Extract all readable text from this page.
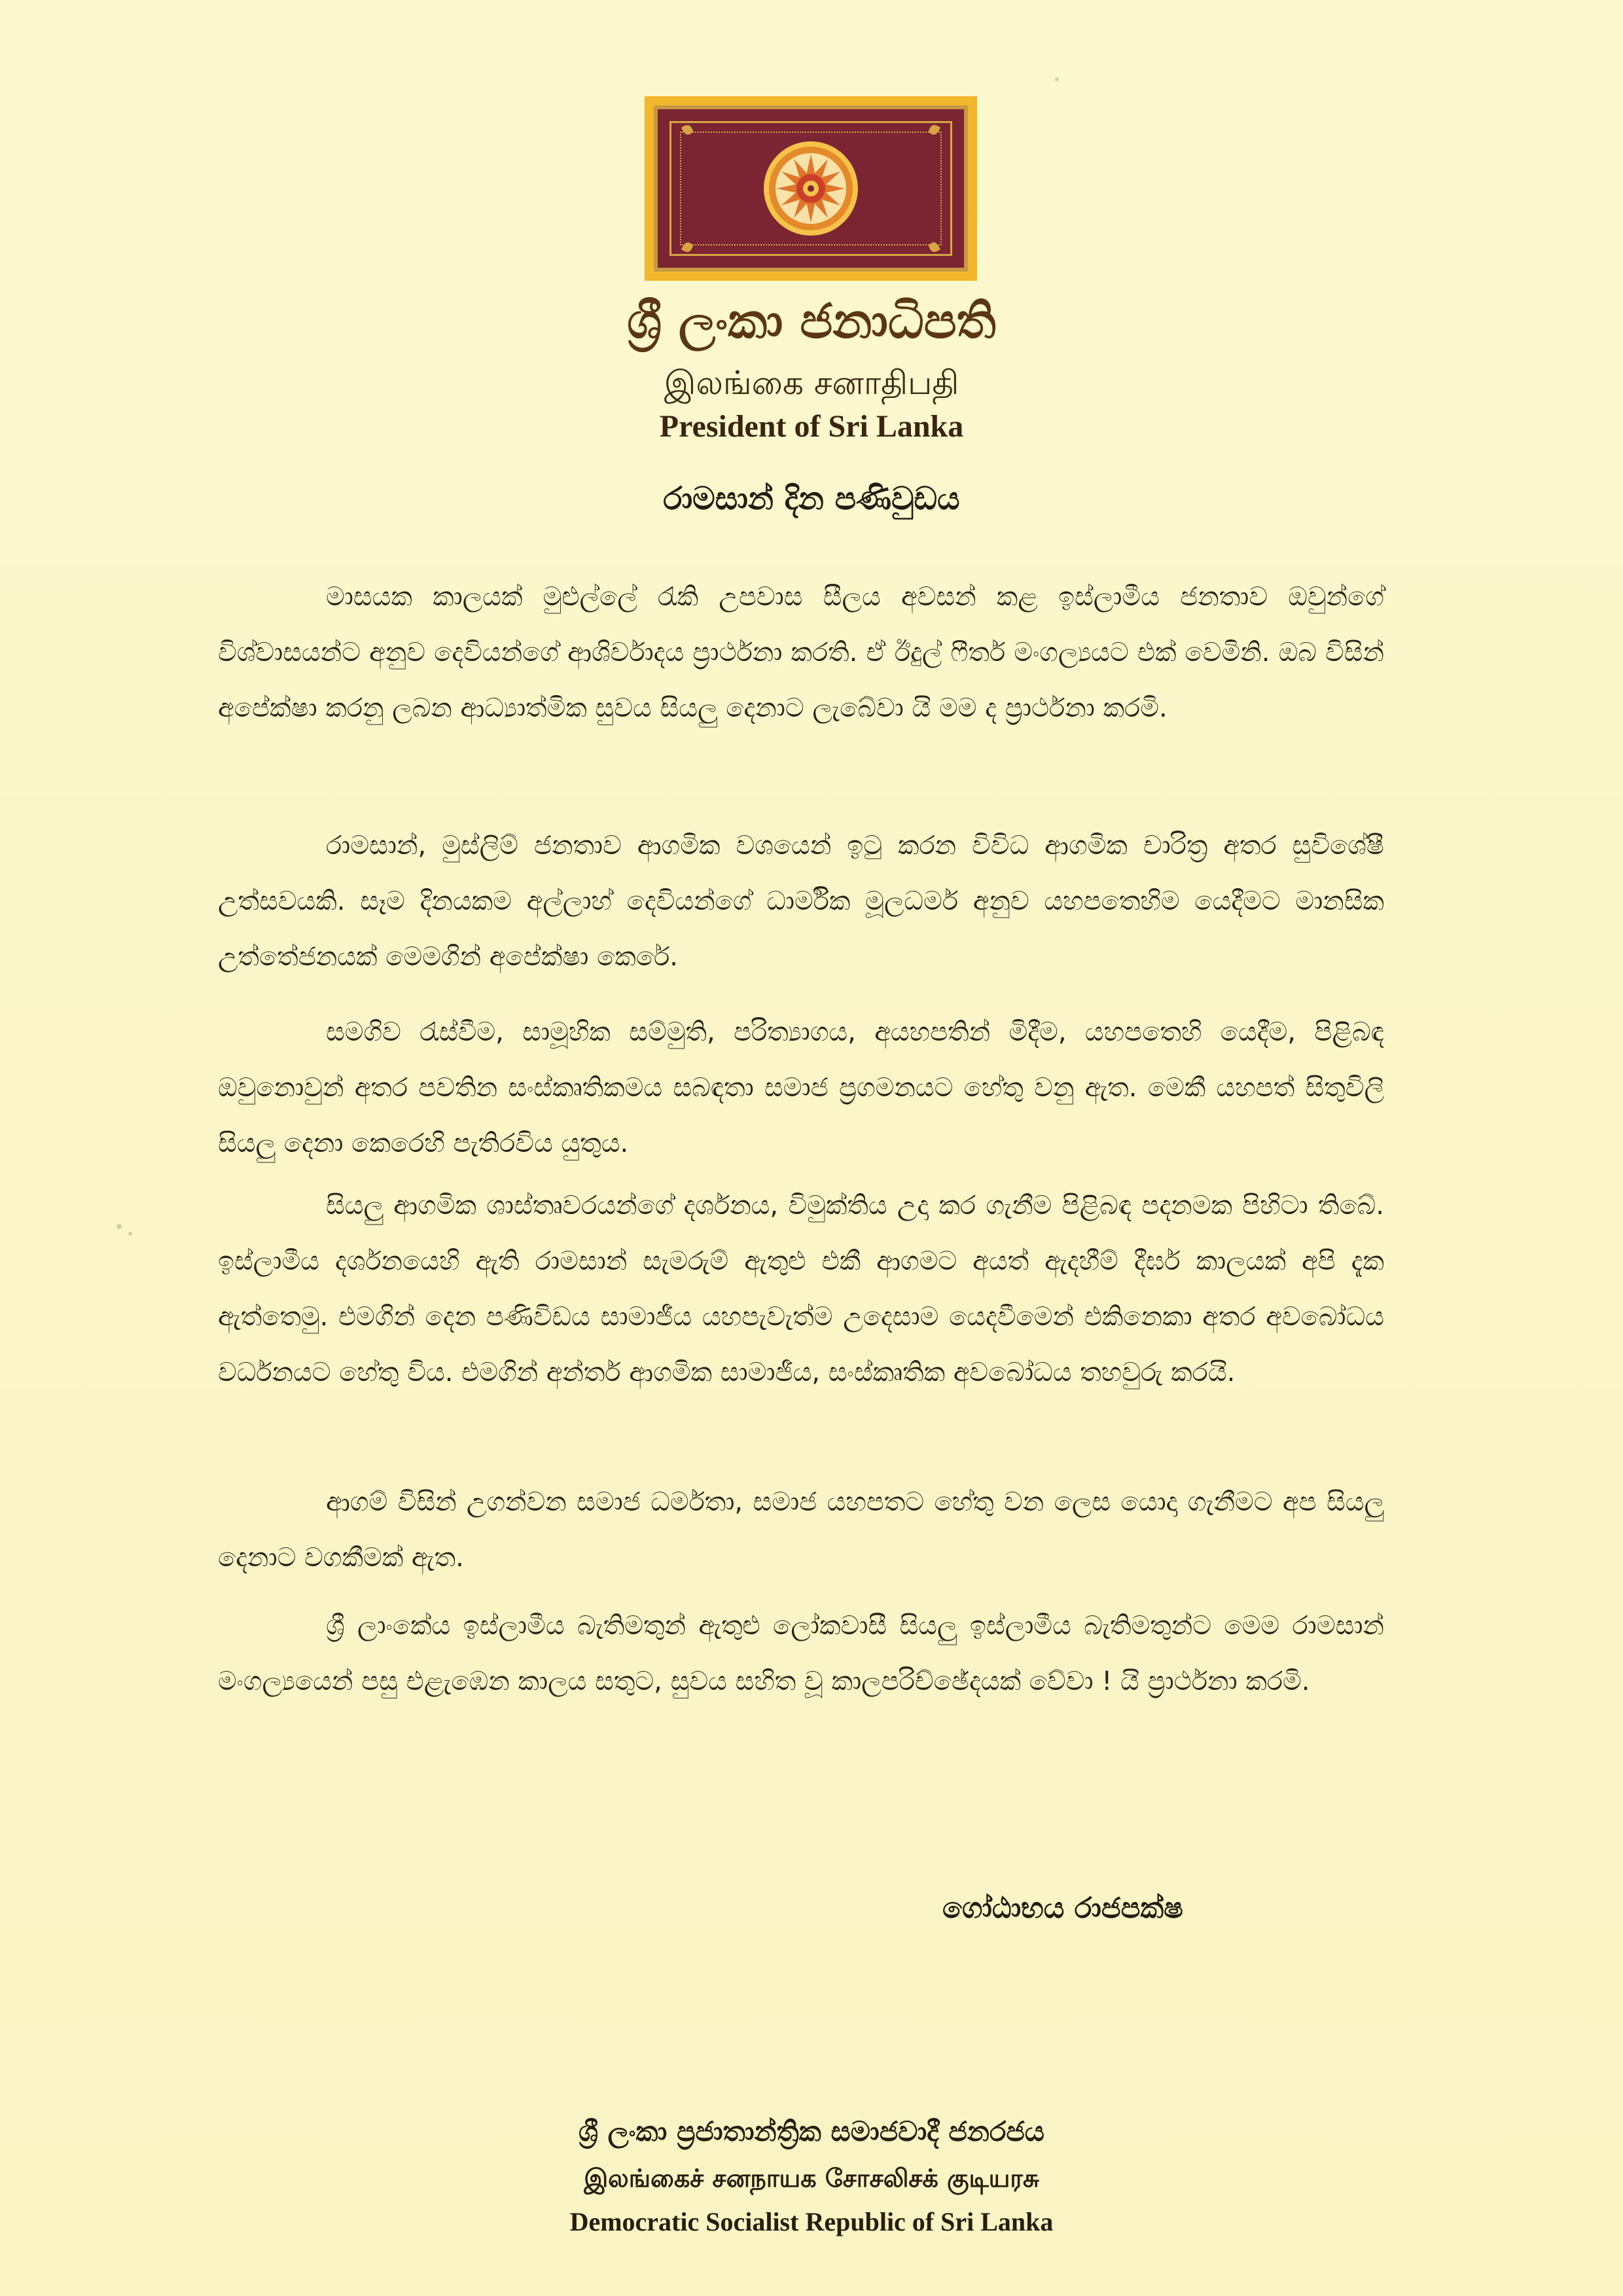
ශ්‍රී ලංකා ජනාධිපති
இலங்கை சனாதிபதி
President of Sri Lanka
රාමසාන් දින පණිවුඩය

මාසයක කාලයක් මුළුල්ලේ රැකි උපවාස සීලය අවසන් කළ ඉස්ලාමීය ජනතාව ඔවුන්ගේ විශ්වාසයන්ට අනුව දෙවියන්ගේ ආශිර්වාදය ප්‍රාර්ථනා කරති. ඒ ඊදුල් ෆීතර් මංගල්‍යයට එක් වෙමිනි. ඔබ විසින් අපේක්ෂා කරනු ලබන ආධ්‍යාත්මික සුවය සියලු දෙනාට ලැබේවා යි මම ද ප්‍රාර්ථනා කරමි.

රාමසාන්, මුස්ලිම් ජනතාව ආගමික වශයෙන් ඉටු කරන විවිධ ආගමික චාරිත්‍ර අතර සුවිශේෂී උත්සවයකි. සෑම දිනයකම අල්ලාහ් දෙවියන්ගේ ධාර්මික මූලධර්ම අනුව යහපතෙහිම යෙදීමට මානසික උත්තේජනයක් මෙමගින් අපේක්ෂා කෙරේ.

සමගිව රැස්වීම, සාමූහික සම්මුති, පරිත්‍යාගය, අයහපතින් මිදීම, යහපතෙහි යෙදීම, පිළිබඳ ඔවුනොවුන් අතර පවතින සංස්කෘතිකමය සබඳතා සමාජ ප්‍රගමනයට හේතු වනු ඇත. මෙකී යහපත් සිතුවිලි සියලු දෙනා කෙරෙහි පැතිරවිය යුතුය.

සියලු ආගමික ශාස්තෘවරයන්ගේ දර්ශනය, විමුක්තිය උදා කර ගැනීම පිළිබඳ පදනමක පිහිටා තිබේ. ඉස්ලාමීය දර්ශනයෙහි ඇති රාමසාන් සැමරුම් ඇතුළු එකී ආගමට අයත් ඇදහීම් දීර්ඝ කාලයක් අපි දැක ඇත්තෙමු. එමගින් දෙන පණිවිඩය සාමාජීය යහපැවැත්ම උදෙසාම යෙදවීමෙන් එකිනෙකා අතර අවබෝධය වර්ධනයට හේතු විය. එමගින් අන්තර් ආගමික සාමාජීය, සංස්කෘතික අවබෝධය තහවුරු කරයි.

ආගම් විසින් උගන්වන සමාජ ධර්මතා, සමාජ යහපතට හේතු වන ලෙස යොදා ගැනීමට අප සියලු දෙනාට වගකීමක් ඇත.

ශ්‍රී ලාංකේය ඉස්ලාමීය බැතිමතුන් ඇතුළු ලෝකවාසී සියලු ඉස්ලාමීය බැතිමතුන්ට මෙම රාමසාන් මංගල්‍යයෙන් පසු එළැඹෙන කාලය සතුට, සුවය සහිත වූ කාලපරිච්ඡේදයක් වේවා ! යි ප්‍රාර්ථනා කරමි.

ගෝඨාභය රාජපක්ෂ
ශ්‍රී ලංකා ප්‍රජාතාන්ත්‍රික සමාජවාදී ජනරජය
இலங்கைச் சனநாயக சோசலிசக் குடியரசு
Democratic Socialist Republic of Sri Lanka
